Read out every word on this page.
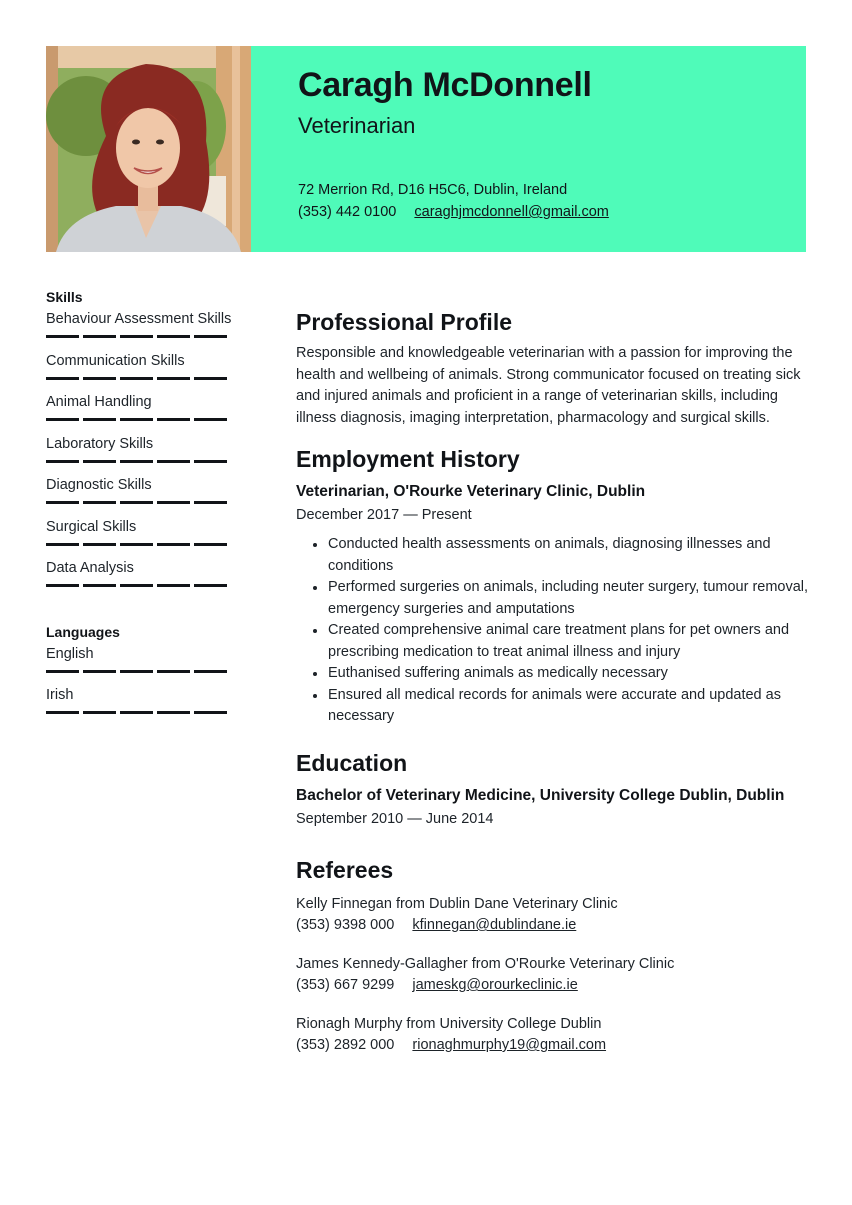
Caragh McDonnell
Veterinarian
72 Merrion Rd, D16 H5C6, Dublin, Ireland
(353) 442 0100 caraghjmcdonnell@gmail.com
Skills
Behaviour Assessment Skills
Communication Skills
Animal Handling
Laboratory Skills
Diagnostic Skills
Surgical Skills
Data Analysis
Languages
English
Irish
Professional Profile
Responsible and knowledgeable veterinarian with a passion for improving the health and wellbeing of animals. Strong communicator focused on treating sick and injured animals and proficient in a range of veterinarian skills, including illness diagnosis, imaging interpretation, pharmacology and surgical skills.
Employment History
Veterinarian, O'Rourke Veterinary Clinic, Dublin
December 2017 — Present
Conducted health assessments on animals, diagnosing illnesses and conditions
Performed surgeries on animals, including neuter surgery, tumour removal, emergency surgeries and amputations
Created comprehensive animal care treatment plans for pet owners and prescribing medication to treat animal illness and injury
Euthanised suffering animals as medically necessary
Ensured all medical records for animals were accurate and updated as necessary
Education
Bachelor of Veterinary Medicine, University College Dublin, Dublin
September 2010 — June 2014
Referees
Kelly Finnegan from Dublin Dane Veterinary Clinic
(353) 9398 000 kfinnegan@dublindane.ie
James Kennedy-Gallagher from O'Rourke Veterinary Clinic
(353) 667 9299 jameskg@orourkeclinic.ie
Rionagh Murphy from University College Dublin
(353) 2892 000 rionaghmurphy19@gmail.com
